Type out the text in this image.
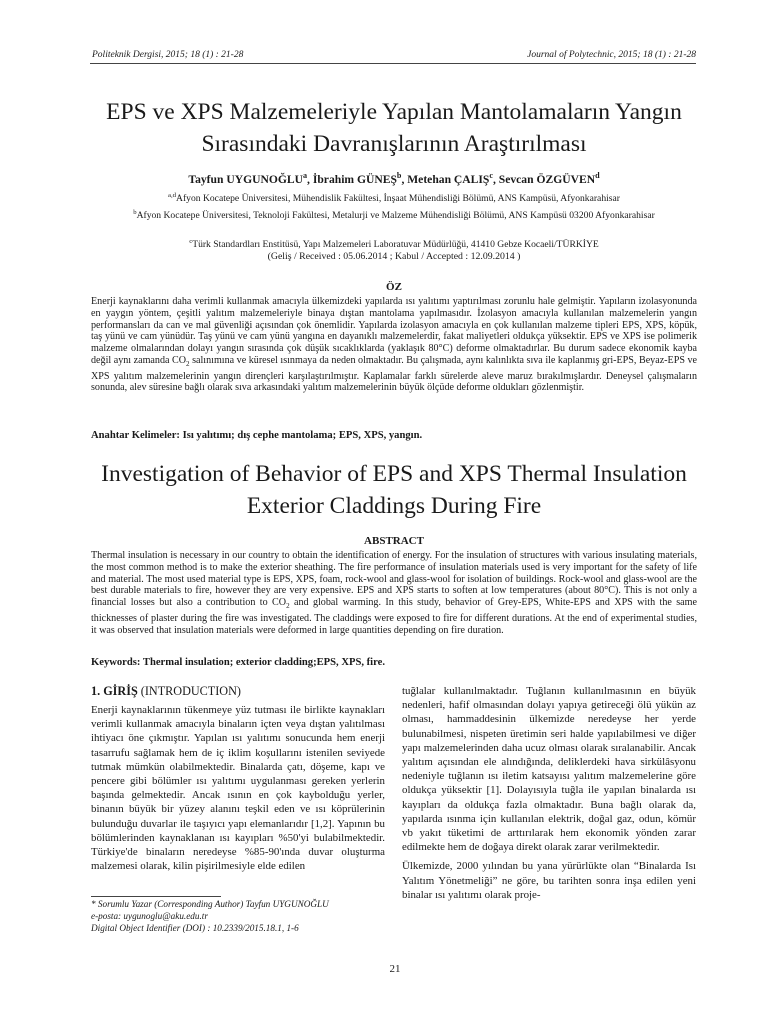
Politeknik Dergisi, 2015; 18 (1) : 21-28	Journal of Polytechnic, 2015; 18 (1) : 21-28
EPS ve XPS Malzemeleriyle Yapılan Mantolamaların Yangın Sırasındaki Davranışlarının Araştırılması
Tayfun UYGUNOĞLU$^a$, İbrahim GÜNEŞ$^b$, Metehan ÇALIŞ$^c$, Sevcan ÖZGÜVEN$^d$
$^{a,d}$Afyon Kocatepe Üniversitesi, Mühendislik Fakültesi, İnşaat Mühendisliği Bölümü, ANS Kampüsü, Afyonkarahisar
$^b$Afyon Kocatepe Üniversitesi, Teknoloji Fakültesi, Metalurji ve Malzeme Mühendisliği Bölümü, ANS Kampüsü 03200 Afyonkarahisar
$^c$Türk Standardları Enstitüsü, Yapı Malzemeleri Laboratuvar Müdürlüğü, 41410 Gebze Kocaeli/TÜRKİYE
(Geliş / Received : 05.06.2014 ; Kabul / Accepted : 12.09.2014 )
ÖZ
Enerji kaynaklarını daha verimli kullanmak amacıyla ülkemizdeki yapılarda ısı yalıtımı yaptırılması zorunlu hale gelmiştir. Yapıların izolasyonunda en yaygın yöntem, çeşitli yalıtım malzemeleriyle binaya dıştan mantolama yapılmasıdır. İzolasyon amacıyla kullanılan malzemelerin yangın performansları da can ve mal güvenliği açısından çok önemlidir. Yapılarda izolasyon amacıyla en çok kullanılan malzeme tipleri EPS, XPS, köpük, taş yünü ve cam yünüdür. Taş yünü ve cam yünü yangına en dayanıklı malzemelerdir, fakat maliyetleri oldukça yüksektir. EPS ve XPS ise polimerik malzeme olmalarından dolayı yangın sırasında çok düşük sıcaklıklarda (yaklaşık 80°C) deforme olmaktadırlar. Bu durum sadece ekonomik kayba değil aynı zamanda $CO_2$ salınımına ve küresel ısınmaya da neden olmaktadır. Bu çalışmada, aynı kalınlıkta sıva ile kaplanmış gri-EPS, Beyaz-EPS ve XPS yalıtım malzemelerinin yangın dirençleri karşılaştırılmıştır. Kaplamalar farklı sürelerde aleve maruz bırakılmışlardır. Deneysel çalışmaların sonunda, alev süresine bağlı olarak sıva arkasındaki yalıtım malzemelerinin büyük ölçüde deforme oldukları gözlenmiştir.
Anahtar Kelimeler: Isı yalıtımı; dış cephe mantolama; EPS, XPS, yangın.
Investigation of Behavior of EPS and XPS Thermal Insulation Exterior Claddings During Fire
ABSTRACT
Thermal insulation is necessary in our country to obtain the identification of energy. For the insulation of structures with various insulating materials, the most common method is to make the exterior sheathing. The fire performance of insulation materials used is very important for the safety of life and material. The most used material type is EPS, XPS, foam, rock-wool and glass-wool for isolation of buildings. Rock-wool and glass-wool are the best durable materials to fire, however they are very expensive. EPS and XPS starts to soften at low temperatures (about 80°C). This is not only a financial losses but also a contribution to $CO_2$ and global warming. In this study, behavior of Grey-EPS, White-EPS and XPS with the same thicknesses of plaster during the fire was investigated. The claddings were exposed to fire for different durations. At the end of experimental studies, it was observed that insulation materials were deformed in large quantities depending on fire duration.
Keywords: Thermal insulation; exterior cladding;EPS, XPS, fire.
1. GİRİŞ (INTRODUCTION)

Enerji kaynaklarının tükenmeye yüz tutması ile birlikte kaynakları verimli kullanmak amacıyla binaların içten veya dıştan yalıtılması ihtiyacı öne çıkmıştır. Yapılan ısı yalıtımı sonucunda hem enerji tasarrufu sağlamak hem de iç iklim koşullarını istenilen seviyede tutmak mümkün olabilmektedir. Binalarda çatı, döşeme, kapı ve pencere gibi bölümler ısı yalıtımı uygulanması gereken yerlerin başında gelmektedir. Ancak ısının en çok kaybolduğu yerler, binanın büyük bir yüzey alanını teşkil eden ve ısı köprülerinin bulunduğu duvarlar ile taşıyıcı yapı elemanlarıdır [1,2]. Yapının bu bölümlerinden kaynaklanan ısı kayıpları %50'yi bulabilmektedir. Türkiye'de binaların neredeyse %85-90'ında duvar oluşturma malzemesi olarak, kilin pişirilmesiyle elde edilen

tuğlalar kullanılmaktadır. Tuğlanın kullanılmasının en büyük nedenleri, hafif olmasından dolayı yapıya getireceği ölü yükün az olması, hammaddesinin ülkemizde neredeyse her yerde bulunabilmesi, nispeten üretimin seri halde yapılabilmesi ve diğer yapı malzemelerinden daha ucuz olması olarak sıralanabilir. Ancak yalıtım açısından ele alındığında, deliklerdeki hava sirkülâsyonu nedeniyle tuğlanın ısı iletim katsayısı yalıtım malzemelerine göre oldukça yüksektir [1]. Dolayısıyla tuğla ile yapılan binalarda ısı kayıpları da oldukça fazla olmaktadır. Buna bağlı olarak da, yapılarda ısınma için kullanılan elektrik, doğal gaz, odun, kömür vb yakıt tüketimi de arttırılarak hem ekonomik yönden zarar edilmekte hem de doğaya direkt olarak zarar verilmektedir.

Ülkemizde, 2000 yılından bu yana yürürlükte olan “Binalarda Isı Yalıtım Yönetmeliği” ne göre, bu tarihten sonra inşa edilen yeni binalar ısı yalıtımı olarak proje-

* Sorumlu Yazar (Corresponding Author) Tayfun UYGUNOĞLU
e-posta: uygunoglu@aku.edu.tr
Digital Object Identifier (DOI) : 10.2339/2015.18.1, 1-6
21
